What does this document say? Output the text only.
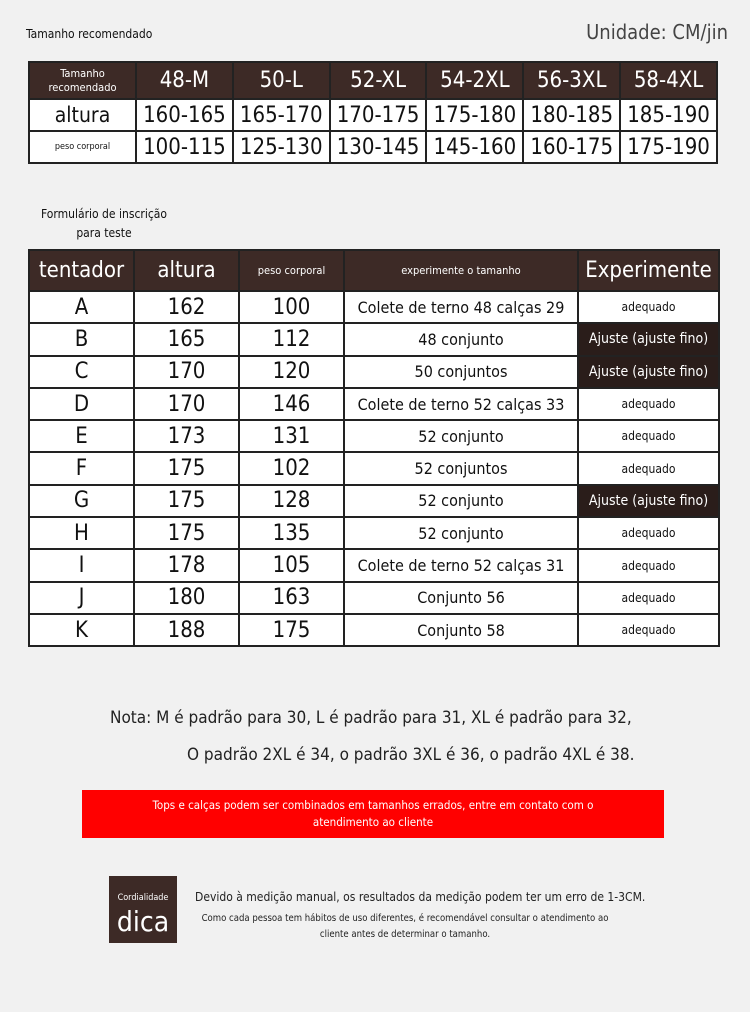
Tamanho recomendado	Unidade: CM/jin
Tamanho recomendado	48-M	50-L	52-XL	54-2XL	56-3XL	58-4XL
altura	160-165	165-170	170-175	175-180	180-185	185-190
peso corporal	100-115	125-130	130-145	145-160	160-175	175-190
Formulário de inscrição para teste
tentador	altura	peso corporal	experimente o tamanho	Experimente
A	162	100	Colete de terno 48 calças 29	adequado
B	165	112	48 conjunto	Ajuste (ajuste fino)
C	170	120	50 conjuntos	Ajuste (ajuste fino)
D	170	146	Colete de terno 52 calças 33	adequado
E	173	131	52 conjunto	adequado
F	175	102	52 conjuntos	adequado
G	175	128	52 conjunto	Ajuste (ajuste fino)
H	175	135	52 conjunto	adequado
I	178	105	Colete de terno 52 calças 31	adequado
J	180	163	Conjunto 56	adequado
K	188	175	Conjunto 58	adequado
Nota: M é padrão para 30, L é padrão para 31, XL é padrão para 32,
O padrão 2XL é 34, o padrão 3XL é 36, o padrão 4XL é 38.
Tops e calças podem ser combinados em tamanhos errados, entre em contato com o atendimento ao cliente
Cordialidade
dica
Devido à medição manual, os resultados da medição podem ter um erro de 1-3CM.
Como cada pessoa tem hábitos de uso diferentes, é recomendável consultar o atendimento ao cliente antes de determinar o tamanho.
